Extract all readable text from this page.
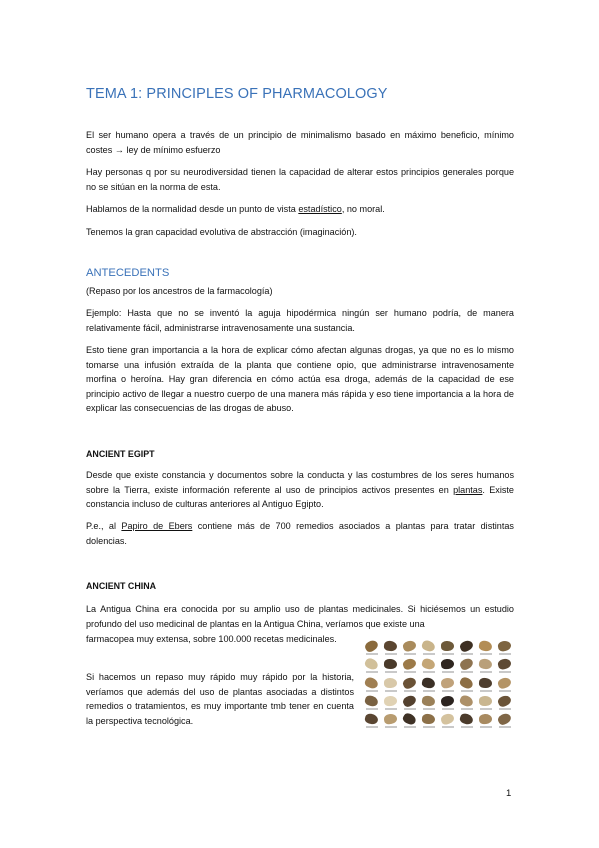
TEMA 1: PRINCIPLES OF PHARMACOLOGY
El ser humano opera a través de un principio de minimalismo basado en máximo beneficio, mínimo costes → ley de mínimo esfuerzo
Hay personas q por su neurodiversidad tienen la capacidad de alterar estos principios generales porque no se sitúan en la norma de esta.
Hablamos de la normalidad desde un punto de vista estadístico, no moral.
Tenemos la gran capacidad evolutiva de abstracción (imaginación).
ANTECEDENTS
(Repaso por los ancestros de la farmacología)
Ejemplo: Hasta que no se inventó la aguja hipodérmica ningún ser humano podría, de manera relativamente fácil, administrarse intravenosamente una sustancia.
Esto tiene gran importancia a la hora de explicar cómo afectan algunas drogas, ya que no es lo mismo tomarse una infusión extraída de la planta que contiene opio, que administrarse intravenosamente morfina o heroína. Hay gran diferencia en cómo actúa esa droga, además de la capacidad de ese principio activo de llegar a nuestro cuerpo de una manera más rápida y eso tiene importancia a la hora de explicar las consecuencias de las drogas de abuso.
ANCIENT EGIPT
Desde que existe constancia y documentos sobre la conducta y las costumbres de los seres humanos sobre la Tierra, existe información referente al uso de principios activos presentes en plantas. Existe constancia incluso de culturas anteriores al Antiguo Egipto.
P.e., al Papiro de Ebers contiene más de 700 remedios asociados a plantas para tratar distintas dolencias.
ANCIENT CHINA
La Antigua China era conocida por su amplio uso de plantas medicinales. Si hiciésemos un estudio profundo del uso medicinal de plantas en la Antigua China, veríamos que existe una
farmacopea muy extensa, sobre 100.000 recetas medicinales.
Si hacemos un repaso muy rápido muy rápido por la historia, veríamos que además del uso de plantas asociadas a distintos remedios o tratamientos, es muy importante tmb tener en cuenta la perspectiva tecnológica.
1
